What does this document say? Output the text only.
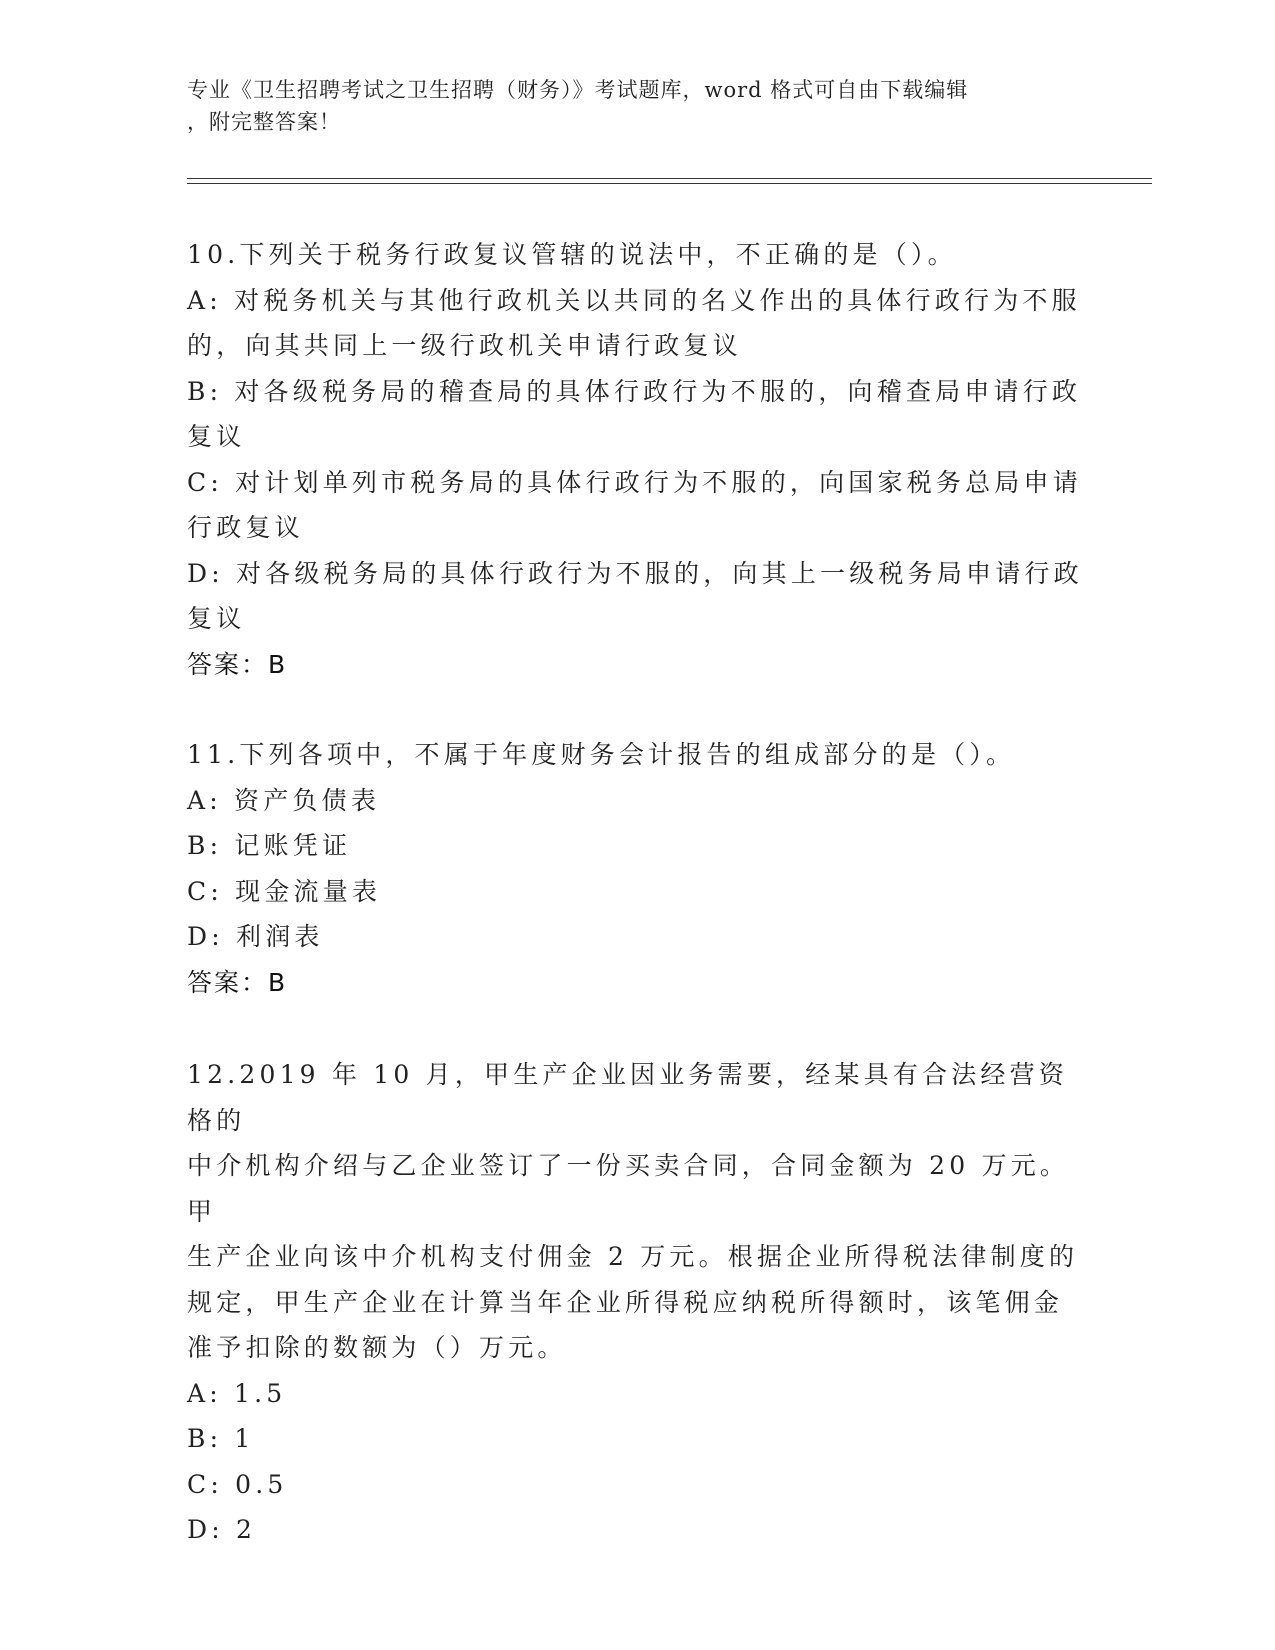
专业《卫生招聘考试之卫生招聘（财务）》考试题库，word 格式可自由下载编辑
，附完整答案！
10.下列关于税务行政复议管辖的说法中，不正确的是（）。
A: 对税务机关与其他行政机关以共同的名义作出的具体行政行为不服
的，向其共同上一级行政机关申请行政复议
B: 对各级税务局的稽查局的具体行政行为不服的，向稽查局申请行政
复议
C: 对计划单列市税务局的具体行政行为不服的，向国家税务总局申请
行政复议
D: 对各级税务局的具体行政行为不服的，向其上一级税务局申请行政
复议
答案：B
11.下列各项中，不属于年度财务会计报告的组成部分的是（）。
A: 资产负债表
B: 记账凭证
C: 现金流量表
D: 利润表
答案：B
12.2019 年 10 月，甲生产企业因业务需要，经某具有合法经营资格的
中介机构介绍与乙企业签订了一份买卖合同，合同金额为 20 万元。甲
生产企业向该中介机构支付佣金 2 万元。根据企业所得税法律制度的
规定，甲生产企业在计算当年企业所得税应纳税所得额时，该笔佣金
准予扣除的数额为（）万元。
A: 1.5
B: 1
C: 0.5
D: 2
